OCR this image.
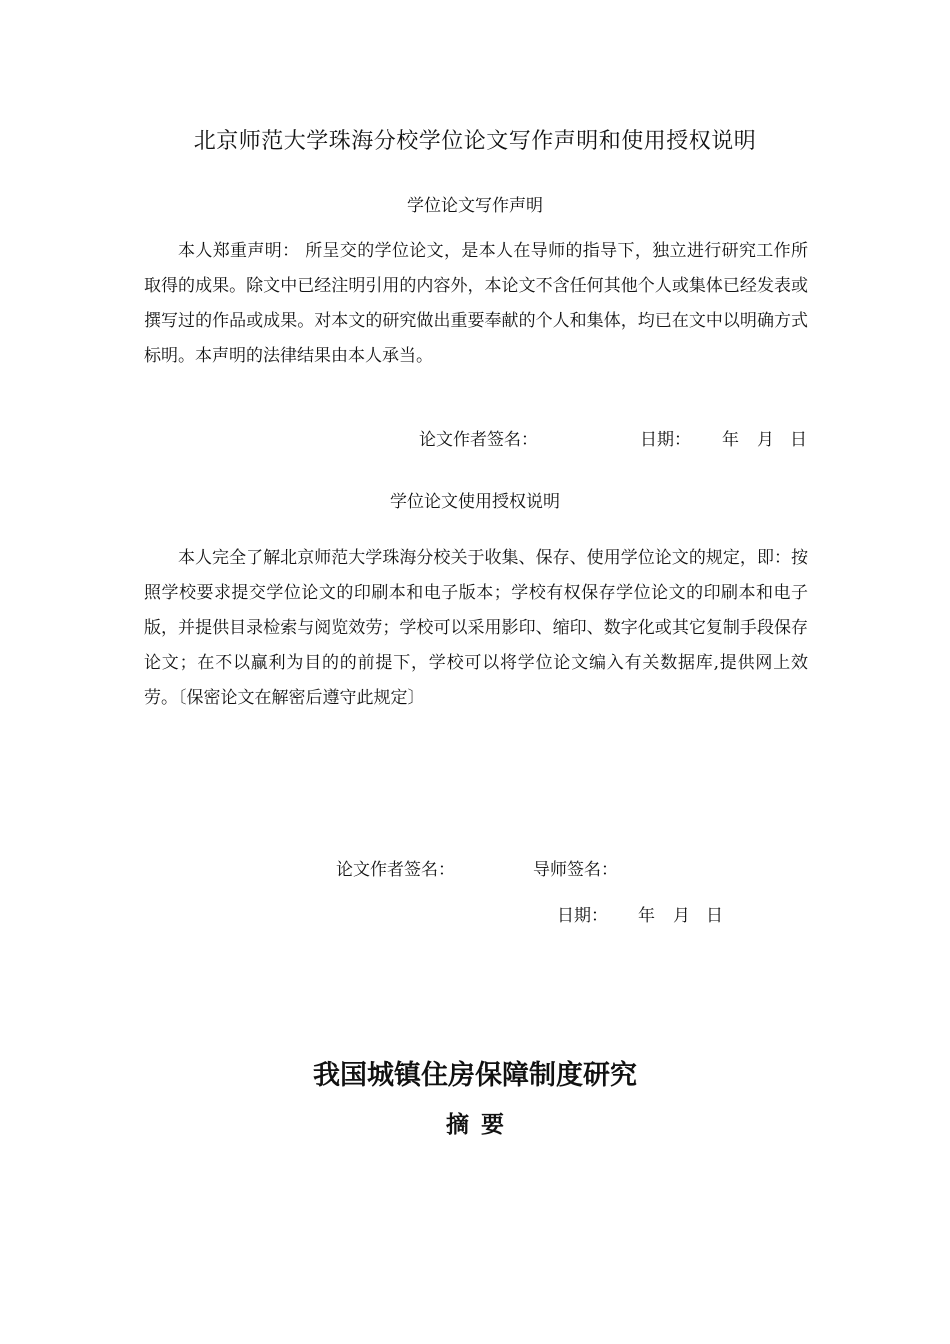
北京师范大学珠海分校学位论文写作声明和使用授权说明
学位论文写作声明

本人郑重声明： 所呈交的学位论文，是本人在导师的指导下，独立进行研究工作所取得的成果。除文中已经注明引用的内容外，本论文不含任何其他个人或集体已经发表或撰写过的作品或成果。对本文的研究做出重要奉献的个人和集体，均已在文中以明确方式标明。本声明的法律结果由本人承当。

论文作者签名：	日期： 年 月 日
学位论文使用授权说明

本人完全了解北京师范大学珠海分校关于收集、保存、使用学位论文的规定，即：按照学校要求提交学位论文的印刷本和电子版本；学校有权保存学位论文的印刷本和电子版，并提供目录检索与阅览效劳；学校可以采用影印、缩印、数字化或其它复制手段保存论文；在不以赢利为目的的前提下，学校可以将学位论文编入有关数据库,提供网上效劳。〔保密论文在解密后遵守此规定〕

论文作者签名：	导师签名：
日期： 年 月 日
我国城镇住房保障制度研究
摘要
